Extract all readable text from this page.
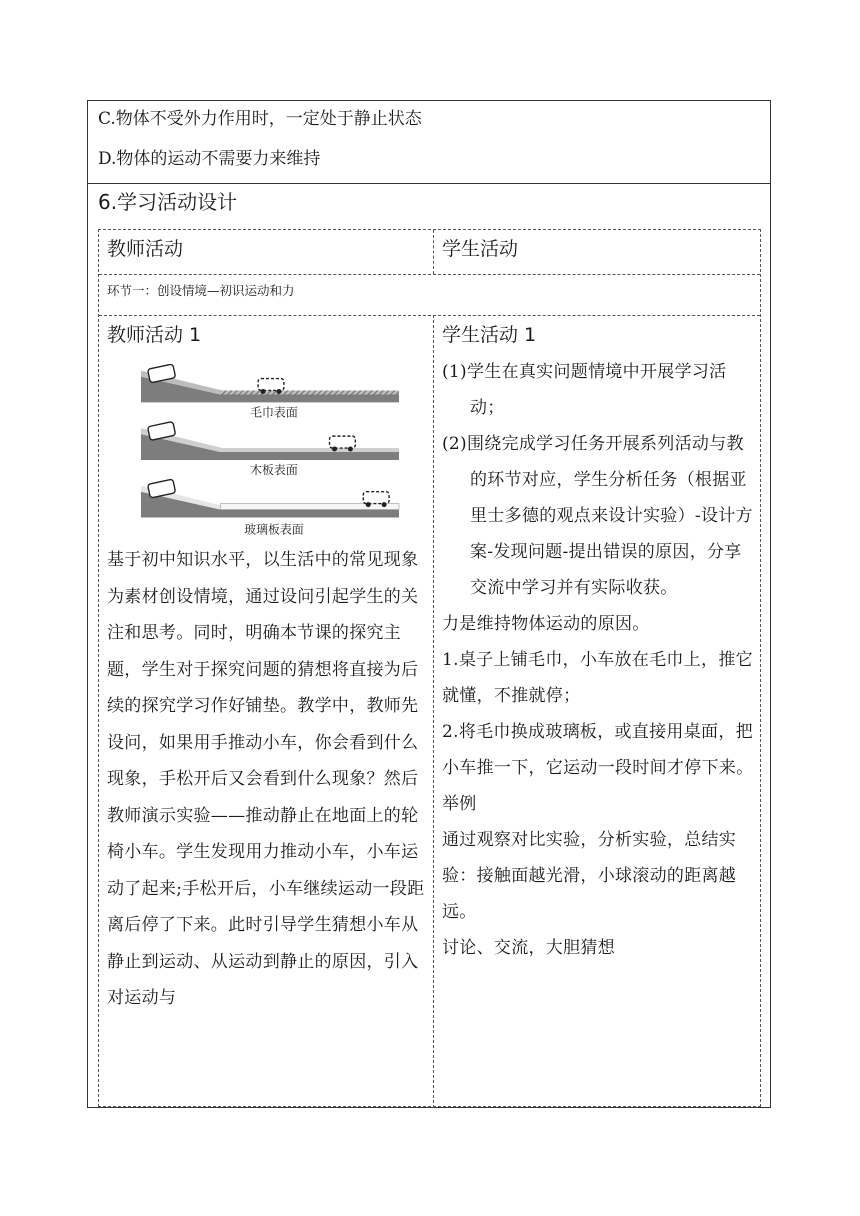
C.物体不受外力作用时，一定处于静止状态
D.物体的运动不需要力来维持
6.学习活动设计
教师活动	学生活动
环节一：创设情境—初识运动和力
教师活动 1	学生活动 1
毛巾表面
木板表面
玻璃板表面
基于初中知识水平，以生活中的常见现象为素材创设情境，通过设问引起学生的关注和思考。同时，明确本节课的探究主题，学生对于探究问题的猜想将直接为后续的探究学习作好铺垫。教学中，教师先设问，如果用手推动小车，你会看到什么现象，手松开后又会看到什么现象？然后教师演示实验——推动静止在地面上的轮椅小车。学生发现用力推动小车，小车运动了起来;手松开后，小车继续运动一段距离后停了下来。此时引导学生猜想小车从静止到运动、从运动到静止的原因，引入对运动与
(1)学生在真实问题情境中开展学习活动；
(2)围绕完成学习任务开展系列活动与教的环节对应，学生分析任务（根据亚里士多德的观点来设计实验）-设计方案-发现问题-提出错误的原因，分享交流中学习并有实际收获。
力是维持物体运动的原因。
1.桌子上铺毛巾，小车放在毛巾上，推它就懂，不推就停；
2.将毛巾换成玻璃板，或直接用桌面，把小车推一下，它运动一段时间才停下来。
举例
通过观察对比实验，分析实验，总结实验：接触面越光滑，小球滚动的距离越远。
讨论、交流，大胆猜想
